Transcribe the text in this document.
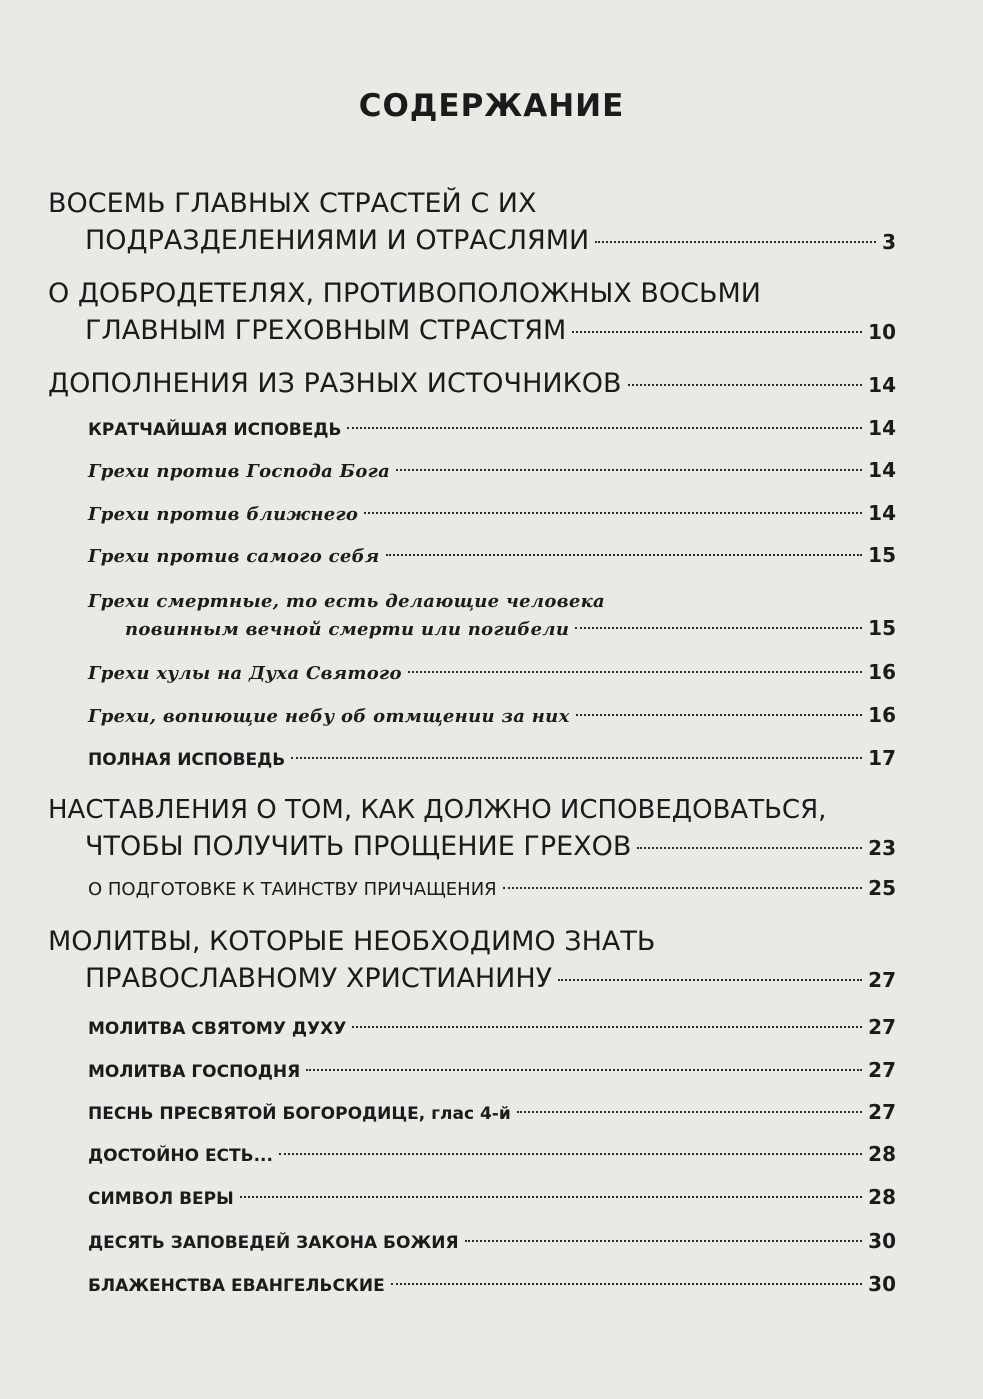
СОДЕРЖАНИЕ
ВОСЕМЬ ГЛАВНЫХ СТРАСТЕЙ С ИХ
ПОДРАЗДЕЛЕНИЯМИ И ОТРАСЛЯМИ	3
О ДОБРОДЕТЕЛЯХ, ПРОТИВОПОЛОЖНЫХ ВОСЬМИ
ГЛАВНЫМ ГРЕХОВНЫМ СТРАСТЯМ	10
ДОПОЛНЕНИЯ ИЗ РАЗНЫХ ИСТОЧНИКОВ	14
КРАТЧАЙШАЯ ИСПОВЕДЬ	14
Грехи против Господа Бога	14
Грехи против ближнего	14
Грехи против самого себя	15
Грехи смертные, то есть делающие человека
повинным вечной смерти или погибели	15
Грехи хулы на Духа Святого	16
Грехи, вопиющие небу об отмщении за них	16
ПОЛНАЯ ИСПОВЕДЬ	17
НАСТАВЛЕНИЯ О ТОМ, КАК ДОЛЖНО ИСПОВЕДОВАТЬСЯ,
ЧТОБЫ ПОЛУЧИТЬ ПРОЩЕНИЕ ГРЕХОВ	23
О ПОДГОТОВКЕ К ТАИНСТВУ ПРИЧАЩЕНИЯ	25
МОЛИТВЫ, КОТОРЫЕ НЕОБХОДИМО ЗНАТЬ
ПРАВОСЛАВНОМУ ХРИСТИАНИНУ	27
МОЛИТВА СВЯТОМУ ДУХУ	27
МОЛИТВА ГОСПОДНЯ	27
ПЕСНЬ ПРЕСВЯТОЙ БОГОРОДИЦЕ, глас 4-й	27
ДОСТОЙНО ЕСТЬ...	28
СИМВОЛ ВЕРЫ	28
ДЕСЯТЬ ЗАПОВЕДЕЙ ЗАКОНА БОЖИЯ	30
БЛАЖЕНСТВА ЕВАНГЕЛЬСКИЕ	30
